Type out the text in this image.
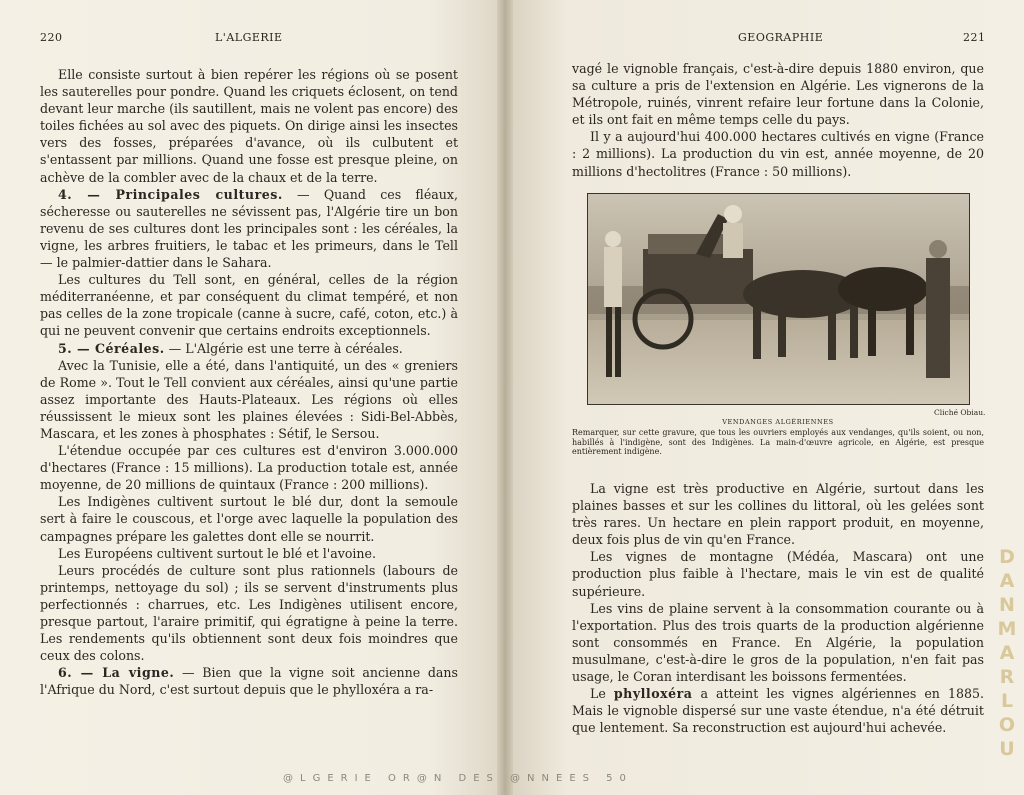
220	L'ALGERIE

Elle consiste surtout à bien repérer les régions où se posent les sauterelles pour pondre. Quand les criquets éclosent, on tend devant leur marche (ils sautillent, mais ne volent pas encore) des toiles fichées au sol avec des piquets. On dirige ainsi les insectes vers des fosses, préparées d'avance, où ils culbutent et s'entassent par millions. Quand une fosse est presque pleine, on achève de la combler avec de la chaux et de la terre.

4. — Principales cultures. — Quand ces fléaux, sécheresse ou sauterelles ne sévissent pas, l'Algérie tire un bon revenu de ses cultures dont les principales sont : les céréales, la vigne, les arbres fruitiers, le tabac et les primeurs, dans le Tell — le palmier-dattier dans le Sahara.

Les cultures du Tell sont, en général, celles de la région méditerranéenne, et par conséquent du climat tempéré, et non pas celles de la zone tropicale (canne à sucre, café, coton, etc.) à qui ne peuvent convenir que certains endroits exceptionnels.

5. — Céréales. — L'Algérie est une terre à céréales.

Avec la Tunisie, elle a été, dans l'antiquité, un des « greniers de Rome ». Tout le Tell convient aux céréales, ainsi qu'une partie assez importante des Hauts-Plateaux. Les régions où elles réussissent le mieux sont les plaines élevées : Sidi-Bel-Abbès, Mascara, et les zones à phosphates : Sétif, le Sersou.

L'étendue occupée par ces cultures est d'environ 3.000.000 d'hectares (France : 15 millions). La production totale est, année moyenne, de 20 millions de quintaux (France : 200 millions).

Les Indigènes cultivent surtout le blé dur, dont la semoule sert à faire le couscous, et l'orge avec laquelle la population des campagnes prépare les galettes dont elle se nourrit.

Les Européens cultivent surtout le blé et l'avoine.

Leurs procédés de culture sont plus rationnels (labours de printemps, nettoyage du sol) ; ils se servent d'instruments plus perfectionnés : charrues, etc. Les Indigènes utilisent encore, presque partout, l'araire primitif, qui égratigne à peine la terre. Les rendements qu'ils obtiennent sont deux fois moindres que ceux des colons.

6. — La vigne. — Bien que la vigne soit ancienne dans l'Afrique du Nord, c'est surtout depuis que le phylloxéra a ra-

GEOGRAPHIE	221

vagé le vignoble français, c'est-à-dire depuis 1880 environ, que sa culture a pris de l'extension en Algérie. Les vignerons de la Métropole, ruinés, vinrent refaire leur fortune dans la Colonie, et ils ont fait en même temps celle du pays.

Il y a aujourd'hui 400.000 hectares cultivés en vigne (France : 2 millions). La production du vin est, année moyenne, de 20 millions d'hectolitres (France : 50 millions).

Cliché Obiau.
VENDANGES ALGÉRIENNES
Remarquer, sur cette gravure, que tous les ouvriers employés aux vendanges, qu'ils soient, ou non, habillés à l'indigène, sont des Indigènes. La main-d'œuvre agricole, en Algérie, est presque entièrement indigène.

La vigne est très productive en Algérie, surtout dans les plaines basses et sur les collines du littoral, où les gelées sont très rares. Un hectare en plein rapport produit, en moyenne, deux fois plus de vin qu'en France.

Les vignes de montagne (Médéa, Mascara) ont une production plus faible à l'hectare, mais le vin est de qualité supérieure.

Les vins de plaine servent à la consommation courante ou à l'exportation. Plus des trois quarts de la production algérienne sont consommés en France. En Algérie, la population musulmane, c'est-à-dire le gros de la population, n'en fait pas usage, le Coran interdisant les boissons fermentées.

Le phylloxéra a atteint les vignes algériennes en 1885. Mais le vignoble dispersé sur une vaste étendue, n'a été détruit que lentement. Sa reconstruction est aujourd'hui achevée.

D
A
N
M
A
R
L
O
U
@LGERIE OR@N DES @NNEES 50
